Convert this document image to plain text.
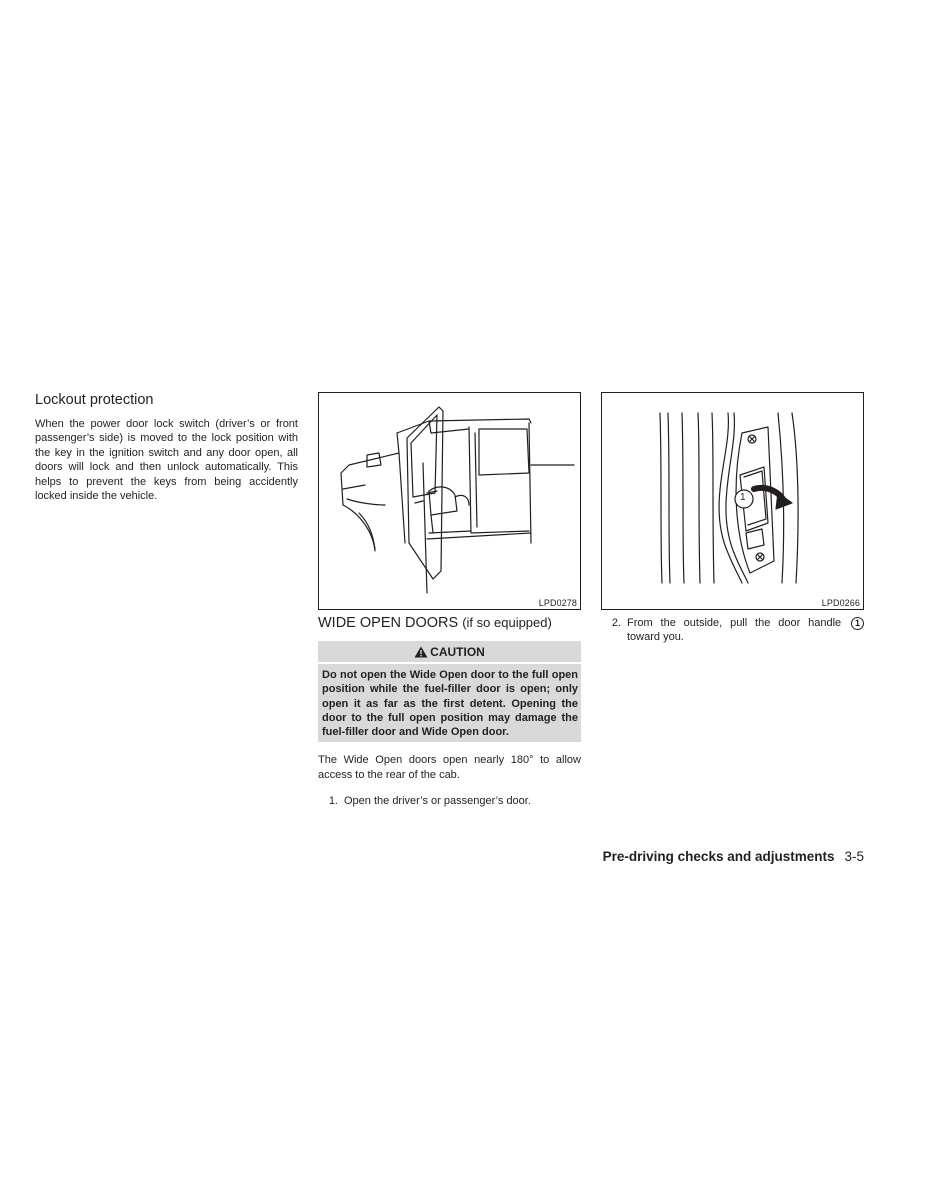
Lockout protection

When the power door lock switch (driver’s or front passenger’s side) is moved to the lock position with the key in the ignition switch and any door open, all doors will lock and then unlock automatically. This helps to prevent the keys from being accidently locked inside the vehicle.

LPD0278
WIDE OPEN DOORS (if so equipped)
CAUTION
Do not open the Wide Open door to the full open position while the fuel-filler door is open; only open it as far as the first detent. Opening the door to the full open position may damage the fuel-filler door and Wide Open door.

The Wide Open doors open nearly 180° to allow access to the rear of the cab.

1. Open the driver’s or passenger’s door.
1
LPD0266
2. From the outside, pull the door handle 1 toward you.
Pre-driving checks and adjustments 3-5
